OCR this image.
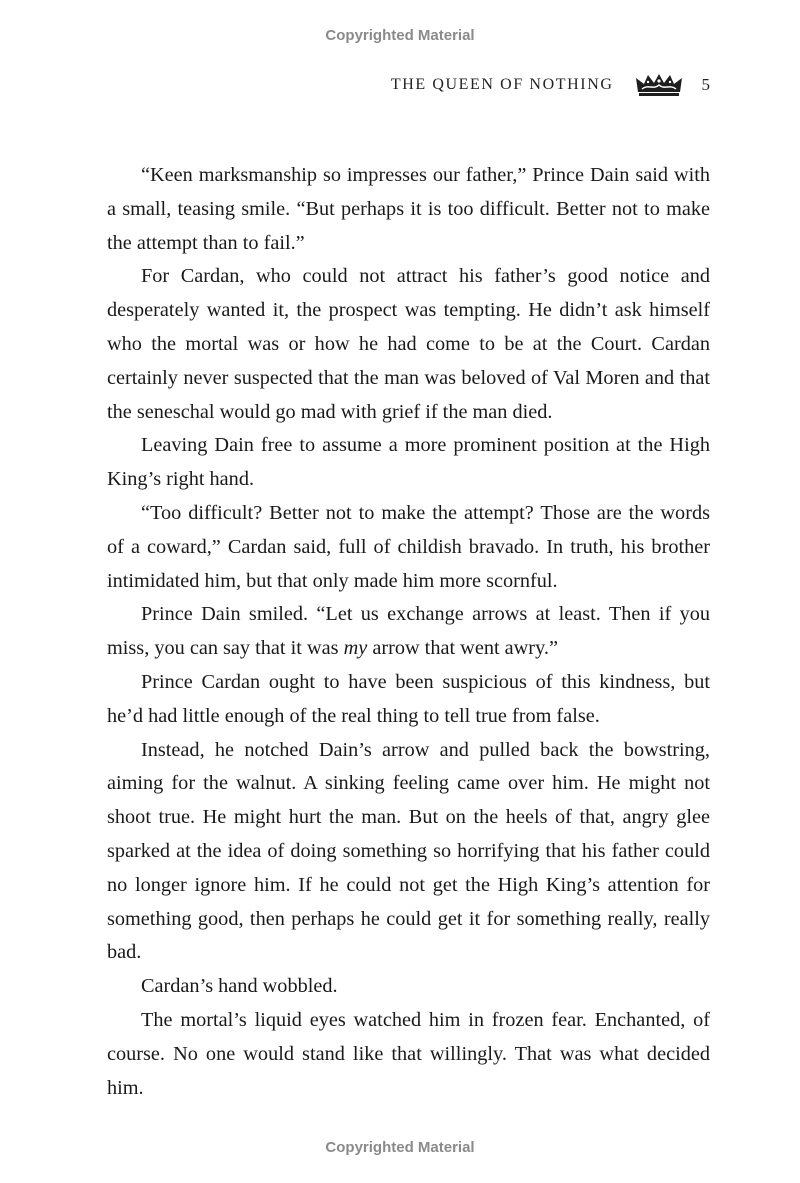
Copyrighted Material
THE QUEEN OF NOTHING	5

“Keen marksmanship so impresses our father,” Prince Dain said with a small, teasing smile. “But perhaps it is too difficult. Better not to make the attempt than to fail.”

For Cardan, who could not attract his father’s good notice and desperately wanted it, the prospect was tempting. He didn’t ask himself who the mortal was or how he had come to be at the Court. Cardan certainly never suspected that the man was beloved of Val Moren and that the seneschal would go mad with grief if the man died.

Leaving Dain free to assume a more prominent position at the High King’s right hand.

“Too difficult? Better not to make the attempt? Those are the words of a coward,” Cardan said, full of childish bravado. In truth, his brother intimidated him, but that only made him more scornful.

Prince Dain smiled. “Let us exchange arrows at least. Then if you miss, you can say that it was my arrow that went awry.”

Prince Cardan ought to have been suspicious of this kindness, but he’d had little enough of the real thing to tell true from false.

Instead, he notched Dain’s arrow and pulled back the bowstring, aiming for the walnut. A sinking feeling came over him. He might not shoot true. He might hurt the man. But on the heels of that, angry glee sparked at the idea of doing something so horrifying that his father could no longer ignore him. If he could not get the High King’s attention for something good, then perhaps he could get it for something really, really bad.

Cardan’s hand wobbled.

The mortal’s liquid eyes watched him in frozen fear. Enchanted, of course. No one would stand like that willingly. That was what decided him.

Copyrighted Material
